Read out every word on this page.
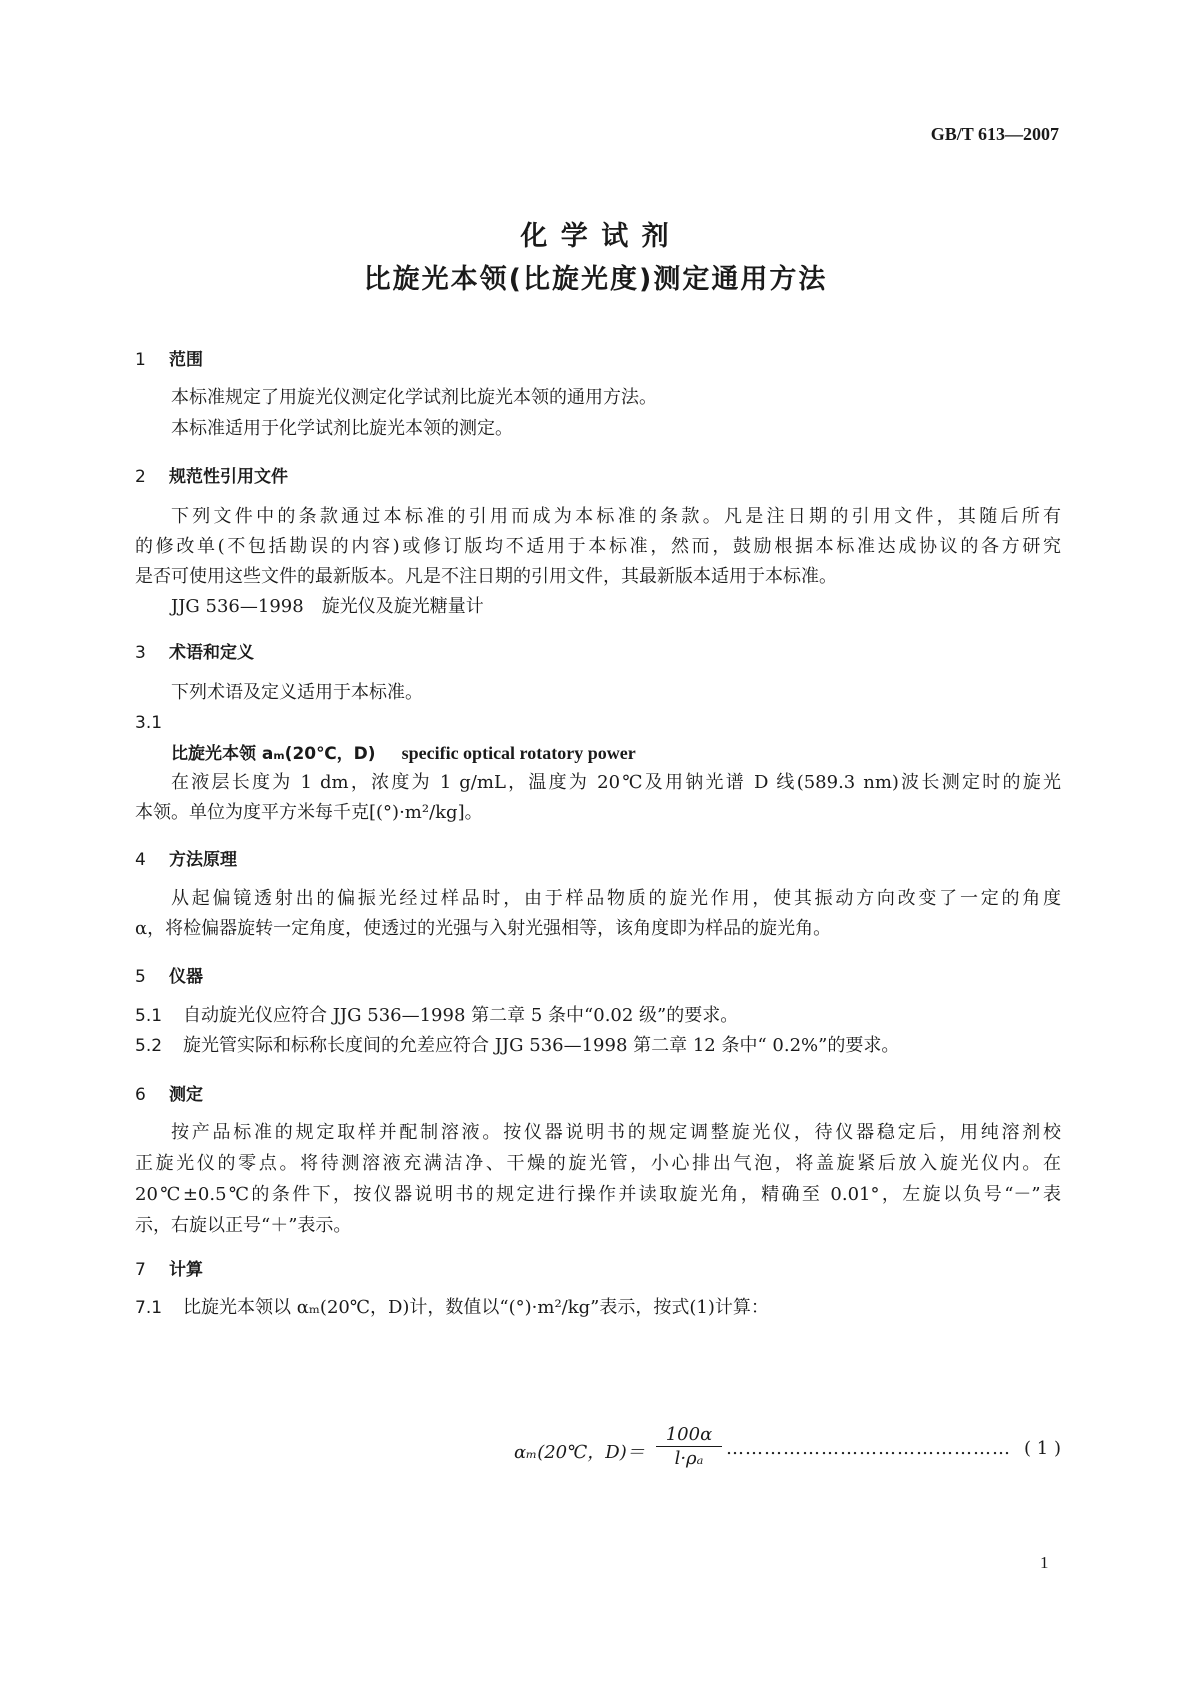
GB/T 613—2007
化 学 试 剂
比旋光本领(比旋光度)测定通用方法
1 范围
本标准规定了用旋光仪测定化学试剂比旋光本领的通用方法。
本标准适用于化学试剂比旋光本领的测定。
2 规范性引用文件
下列文件中的条款通过本标准的引用而成为本标准的条款。凡是注日期的引用文件，其随后所有
的修改单(不包括勘误的内容)或修订版均不适用于本标准，然而，鼓励根据本标准达成协议的各方研究
是否可使用这些文件的最新版本。凡是不注日期的引用文件，其最新版本适用于本标准。
JJG 536—1998　旋光仪及旋光糖量计
3 术语和定义
下列术语及定义适用于本标准。
3.1
比旋光本领 aₘ(20℃，D) specific optical rotatory power
在液层长度为 1 dm，浓度为 1 g/mL，温度为 20℃及用钠光谱 D 线(589.3 nm)波长测定时的旋光
本领。单位为度平方米每千克[(°)·m²/kg]。
4 方法原理
从起偏镜透射出的偏振光经过样品时，由于样品物质的旋光作用，使其振动方向改变了一定的角度
α，将检偏器旋转一定角度，使透过的光强与入射光强相等，该角度即为样品的旋光角。
5 仪器
5.1 自动旋光仪应符合 JJG 536—1998 第二章 5 条中“0.02 级”的要求。
5.2 旋光管实际和标称长度间的允差应符合 JJG 536—1998 第二章 12 条中“ 0.2%”的要求。
6 测定
按产品标准的规定取样并配制溶液。按仪器说明书的规定调整旋光仪，待仪器稳定后，用纯溶剂校
正旋光仪的零点。将待测溶液充满洁净、干燥的旋光管，小心排出气泡，将盖旋紧后放入旋光仪内。在
20℃±0.5℃的条件下，按仪器说明书的规定进行操作并读取旋光角，精确至 0.01°，左旋以负号“－”表
示，右旋以正号“＋”表示。
7 计算
7.1 比旋光本领以 αₘ(20℃，D)计，数值以“(°)·m²/kg”表示，按式(1)计算：
αₘ(20℃，$D)= \frac{100\alpha}{\text{l·ρₐ}}$ ……………………………………… ( 1 )
1
